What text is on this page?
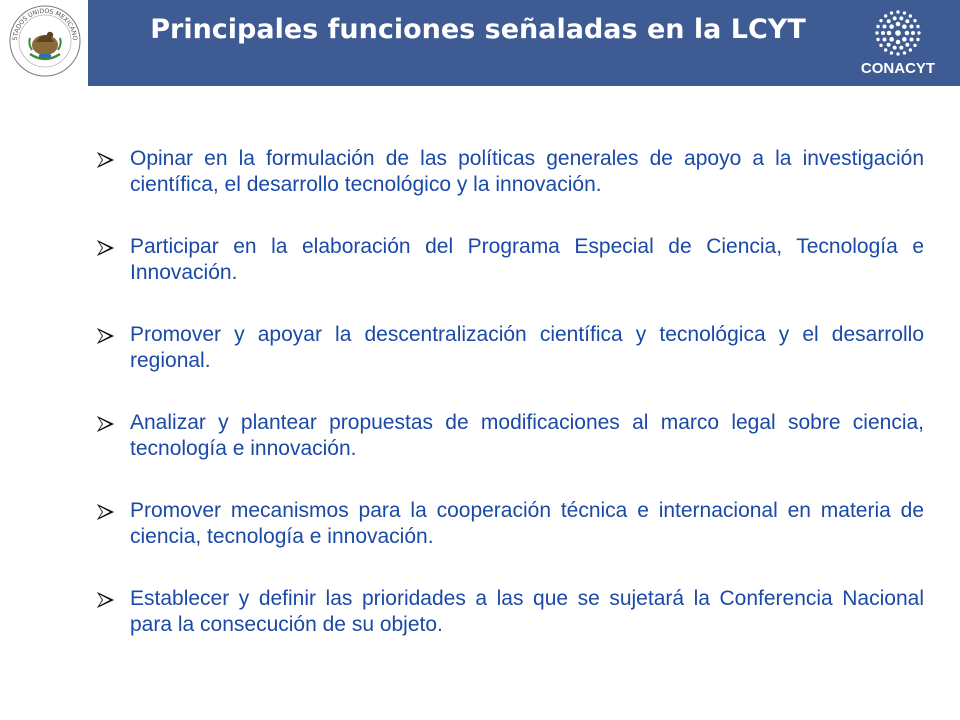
STADOS UNIDOS MEXICANO	Principales funciones señaladas en la LCYT
CONACYT
Opinar en la formulación de las políticas generales de apoyo a la investigación científica, el desarrollo tecnológico y la innovación.
Participar en la elaboración del Programa Especial de Ciencia, Tecnología e Innovación.
Promover y apoyar la descentralización científica y tecnológica y el desarrollo regional.
Analizar y plantear propuestas de modificaciones al marco legal sobre ciencia, tecnología e innovación.
Promover mecanismos para la cooperación técnica e internacional en materia de ciencia, tecnología e innovación.
Establecer y definir las prioridades a las que se sujetará la Conferencia Nacional para la consecución de su objeto.
